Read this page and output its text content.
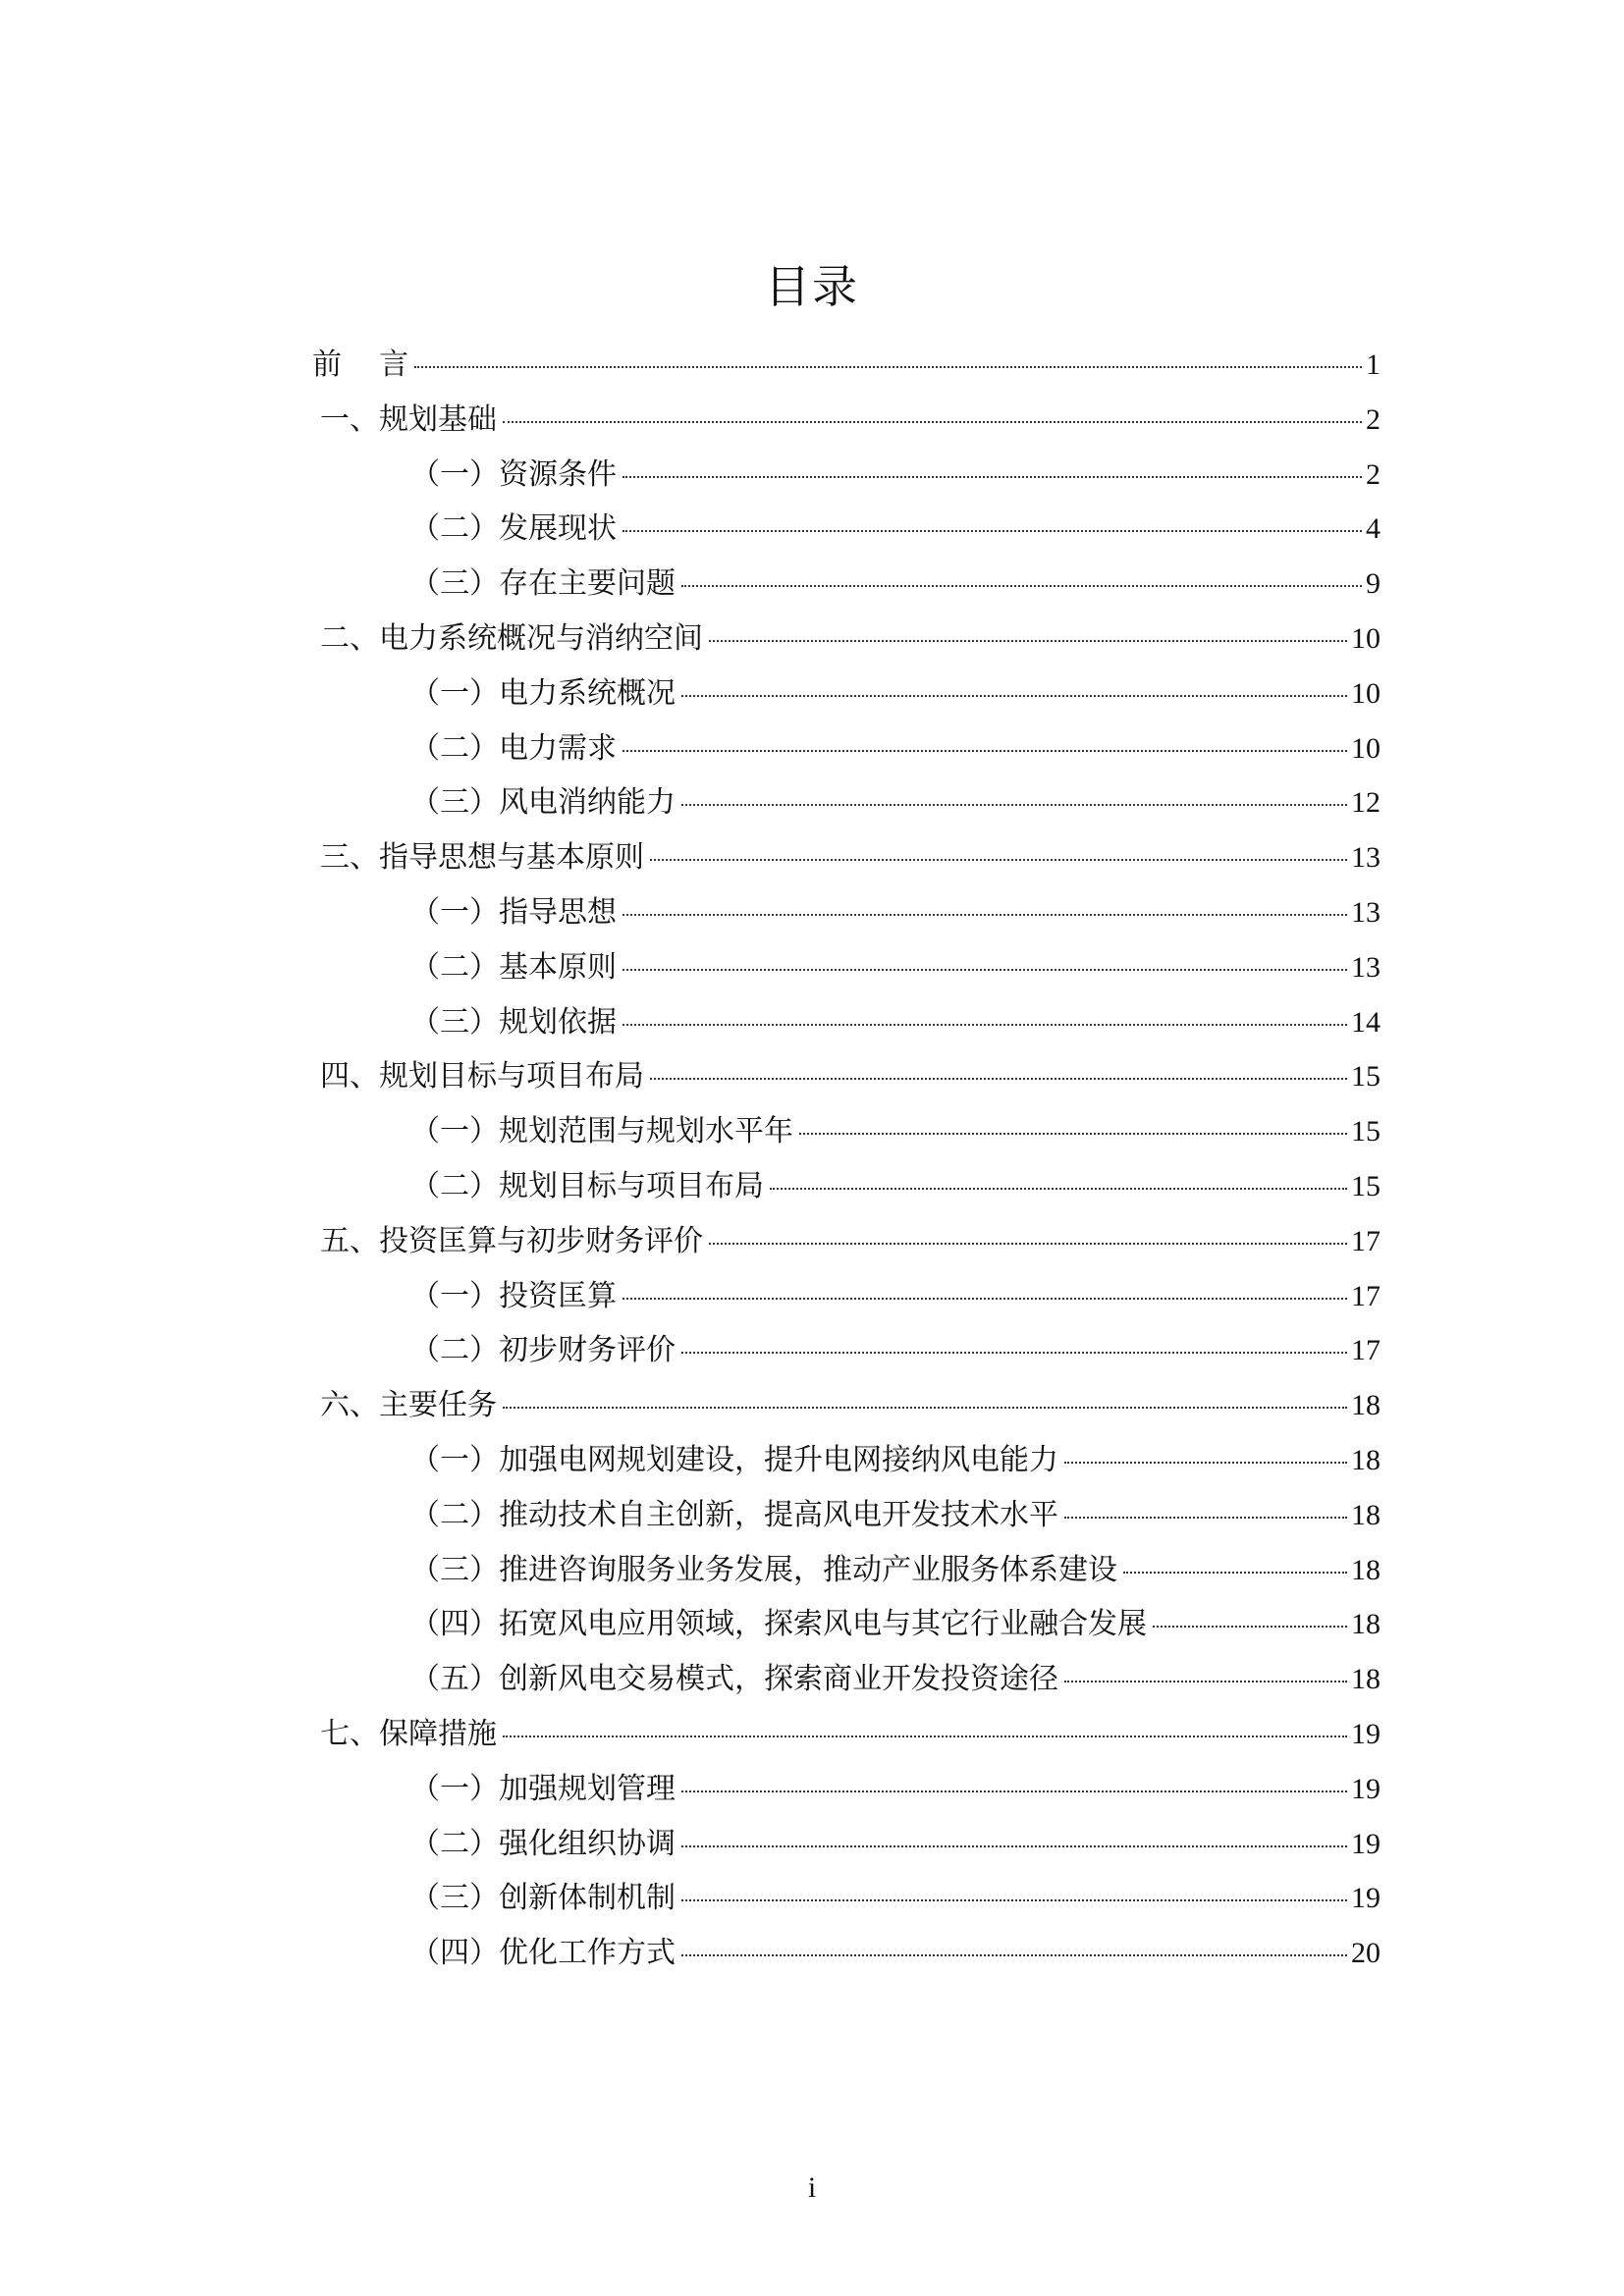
目录
前    言	1
一、规划基础	2
（一）资源条件	2
（二）发展现状	4
（三）存在主要问题	9
二、电力系统概况与消纳空间	10
（一）电力系统概况	10
（二）电力需求	10
（三）风电消纳能力	12
三、指导思想与基本原则	13
（一）指导思想	13
（二）基本原则	13
（三）规划依据	14
四、规划目标与项目布局	15
（一）规划范围与规划水平年	15
（二）规划目标与项目布局	15
五、投资匡算与初步财务评价	17
（一）投资匡算	17
（二）初步财务评价	17
六、主要任务	18
（一）加强电网规划建设，提升电网接纳风电能力	18
（二）推动技术自主创新，提高风电开发技术水平	18
（三）推进咨询服务业务发展，推动产业服务体系建设	18
（四）拓宽风电应用领域，探索风电与其它行业融合发展	18
（五）创新风电交易模式，探索商业开发投资途径	18
七、保障措施	19
（一）加强规划管理	19
（二）强化组织协调	19
（三）创新体制机制	19
（四）优化工作方式	20
i
